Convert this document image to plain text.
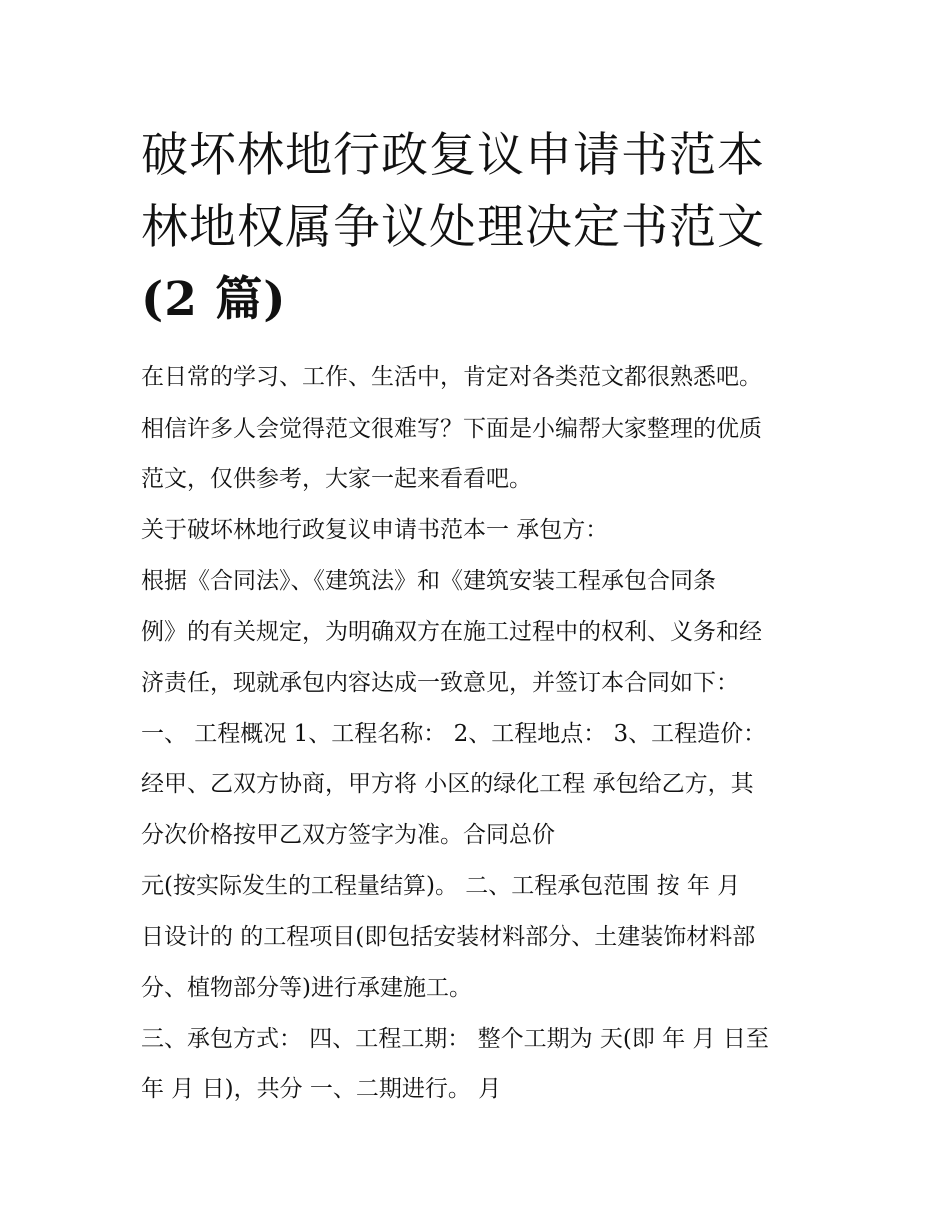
破坏林地行政复议申请书范本
林地权属争议处理决定书范文
(2 篇)

在日常的学习、工作、生活中，肯定对各类范文都很熟悉吧。

相信许多人会觉得范文很难写？下面是小编帮大家整理的优质

范文，仅供参考，大家一起来看看吧。

关于破坏林地行政复议申请书范本一 承包方：

根据《合同法》、《建筑法》和《建筑安装工程承包合同条

例》的有关规定，为明确双方在施工过程中的权利、义务和经

济责任，现就承包内容达成一致意见，并签订本合同如下：

一、 工程概况 1、工程名称： 2、工程地点： 3、工程造价：

经甲、乙双方协商，甲方将 小区的绿化工程 承包给乙方，其

分次价格按甲乙双方签字为准。合同总价

元(按实际发生的工程量结算)。 二、工程承包范围 按 年 月

日设计的 的工程项目(即包括安装材料部分、土建装饰材料部

分、植物部分等)进行承建施工。

三、承包方式： 四、工程工期： 整个工期为 天(即 年 月 日至

年 月 日)，共分 一、二期进行。 月
